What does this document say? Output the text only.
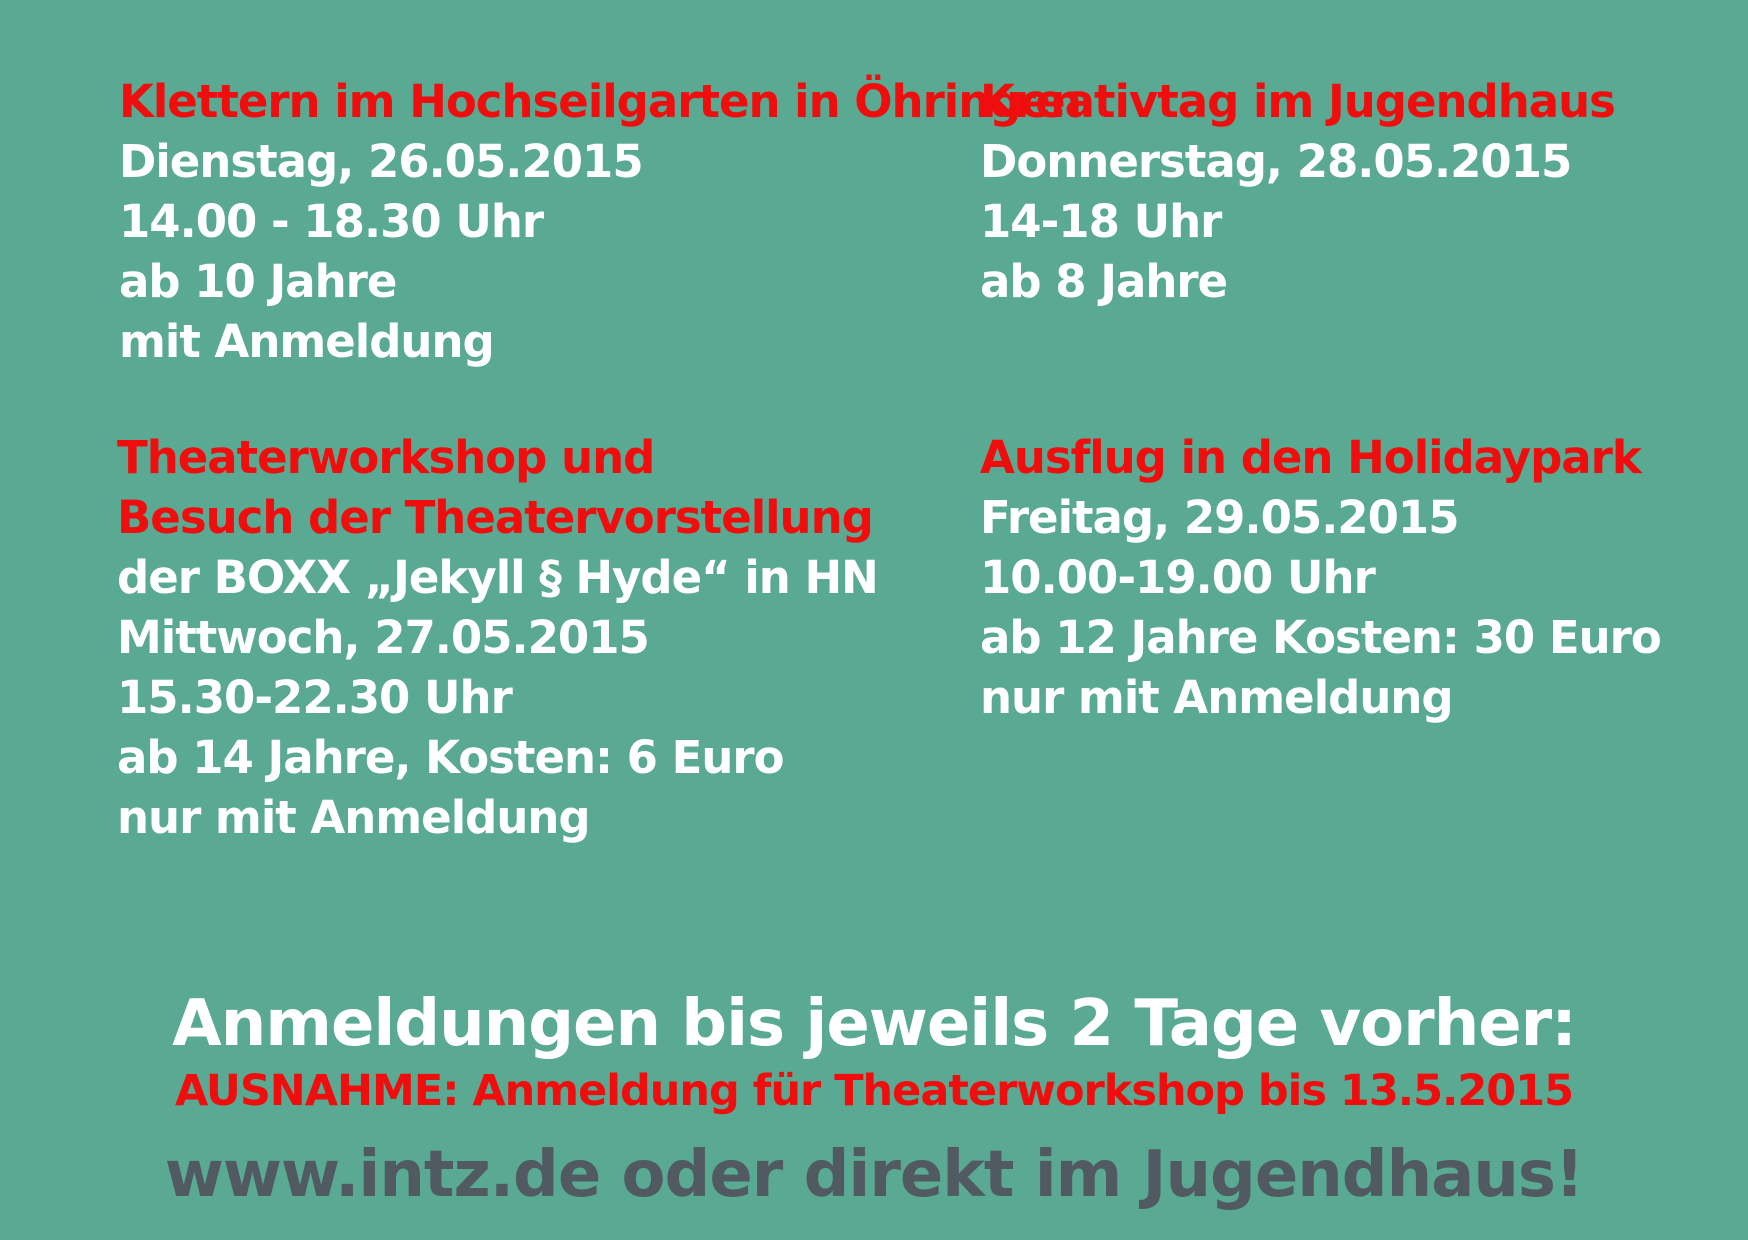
Klettern im Hochseilgarten in Öhringen
Dienstag, 26.05.2015
14.00 - 18.30 Uhr
ab 10 Jahre
mit Anmeldung
Kreativtag im Jugendhaus
Donnerstag, 28.05.2015
14-18 Uhr
ab 8 Jahre
Theaterworkshop und
Besuch der Theatervorstellung
der BOXX „Jekyll § Hyde“ in HN
Mittwoch, 27.05.2015
15.30-22.30 Uhr
ab 14 Jahre, Kosten: 6 Euro
nur mit Anmeldung
Ausflug in den Holidaypark
Freitag, 29.05.2015
10.00-19.00 Uhr
ab 12 Jahre Kosten: 30 Euro
nur mit Anmeldung
Anmeldungen bis jeweils 2 Tage vorher:
AUSNAHME: Anmeldung für Theaterworkshop bis 13.5.2015
www.intz.de oder direkt im Jugendhaus!
